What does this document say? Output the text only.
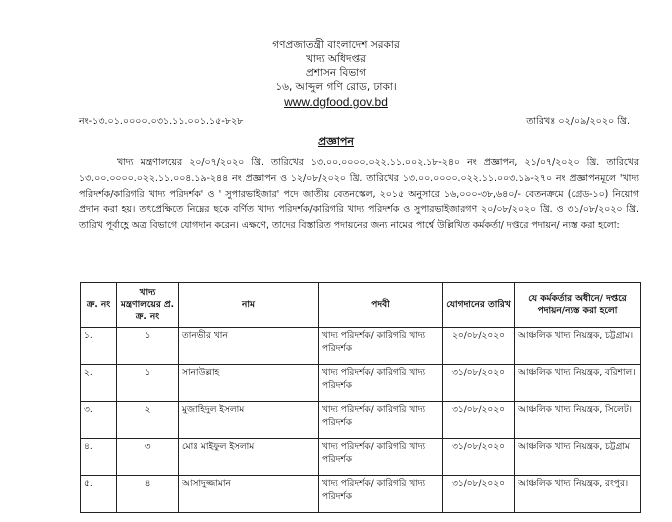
গণপ্রজাতন্ত্রী বাংলাদেশ সরকার
খাদ্য অধিদপ্তর
প্রশাসন বিভাগ
১৬, আব্দুল গণি রোড, ঢাকা।
www.dgfood.gov.bd
নং-১৩.০১.০০০০.০৩১.১১.০০১.১৫-৮২৮	তারিখঃ ০২/০৯/২০২০ খ্রি.
প্রজ্ঞাপন
খাদ্য মন্ত্রণালয়ের ২০/০৭/২০২০ খ্রি. তারিখের ১৩.০০.০০০০.০২২.১১.০০২.১৮-২৪০ নং প্রজ্ঞাপন, ২১/০৭/২০২০ খ্রি. তারিখের ১৩.০০.০০০০.০২২.১১.০০৪.১৯-২৪৪ নং প্রজ্ঞাপন ও ১২/০৮/২০২০ খ্রি. তারিখের ১৩.০০.০০০০.০২২.১১.০০৩.১৯-২৭০ নং প্রজ্ঞাপনমূলে 'খাদ্য পরিদর্শক/কারিগরি খাদ্য পরিদর্শক' ও ' সুপারভাইজার' পদে জাতীয় বেতনস্কেল, ২০১৫ অনুসারে ১৬,০০০-৩৮,৬৪০/- বেতনক্রমে (গ্রেড-১০) নিয়োগ প্রদান করা হয়। তৎপ্রেক্ষিতে নিম্নের ছকে বর্ণিত খাদ্য পরিদর্শক/কারিগরি খাদ্য পরিদর্শক ও সুপারভাইজারগণ ২০/০৮/২০২০ খ্রি. ও ৩১/০৮/২০২০ খ্রি. তারিখ পূর্বাহ্ণে অত্র বিভাগে যোগদান করেন। এক্ষণে, তাদের বিস্তারিত পদায়নের জন্য নামের পার্শ্বে উল্লিখিত কর্মকর্তা/ দপ্তরে পদায়ন/ ন্যস্ত করা হলো:
ক্র. নং	খাদ্য মন্ত্রণালয়ের প্র. ক্র. নং	নাম	পদবী	যোগদানের তারিখ	যে কর্মকর্তার অধীনে/ দপ্তরে পদায়ন/ন্যস্ত করা হলো
১.	১	তানভীর খান	খাদ্য পরিদর্শক/ কারিগরি খাদ্য পরিদর্শক	২০/০৮/২০২০	আঞ্চলিক খাদ্য নিয়ন্ত্রক, চট্টগ্রাম।
২.	১	সানাউল্লাহ	খাদ্য পরিদর্শক/ কারিগরি খাদ্য পরিদর্শক	৩১/০৮/২০২০	আঞ্চলিক খাদ্য নিয়ন্ত্রক, বরিশাল।
৩.	২	মুজাহিদুল ইসলাম	খাদ্য পরিদর্শক/ কারিগরি খাদ্য পরিদর্শক	৩১/০৮/২০২০	আঞ্চলিক খাদ্য নিয়ন্ত্রক, সিলেট।
৪.	৩	মোঃ মাইফুল ইসলাম	খাদ্য পরিদর্শক/ কারিগরি খাদ্য পরিদর্শক	৩১/০৮/২০২০	আঞ্চলিক খাদ্য নিয়ন্ত্রক, চট্টগ্রাম
৫.	৪	আসাদুজ্জামান	খাদ্য পরিদর্শক/ কারিগরি খাদ্য পরিদর্শক	৩১/০৮/২০২০	আঞ্চলিক খাদ্য নিয়ন্ত্রক, রংপুর।
